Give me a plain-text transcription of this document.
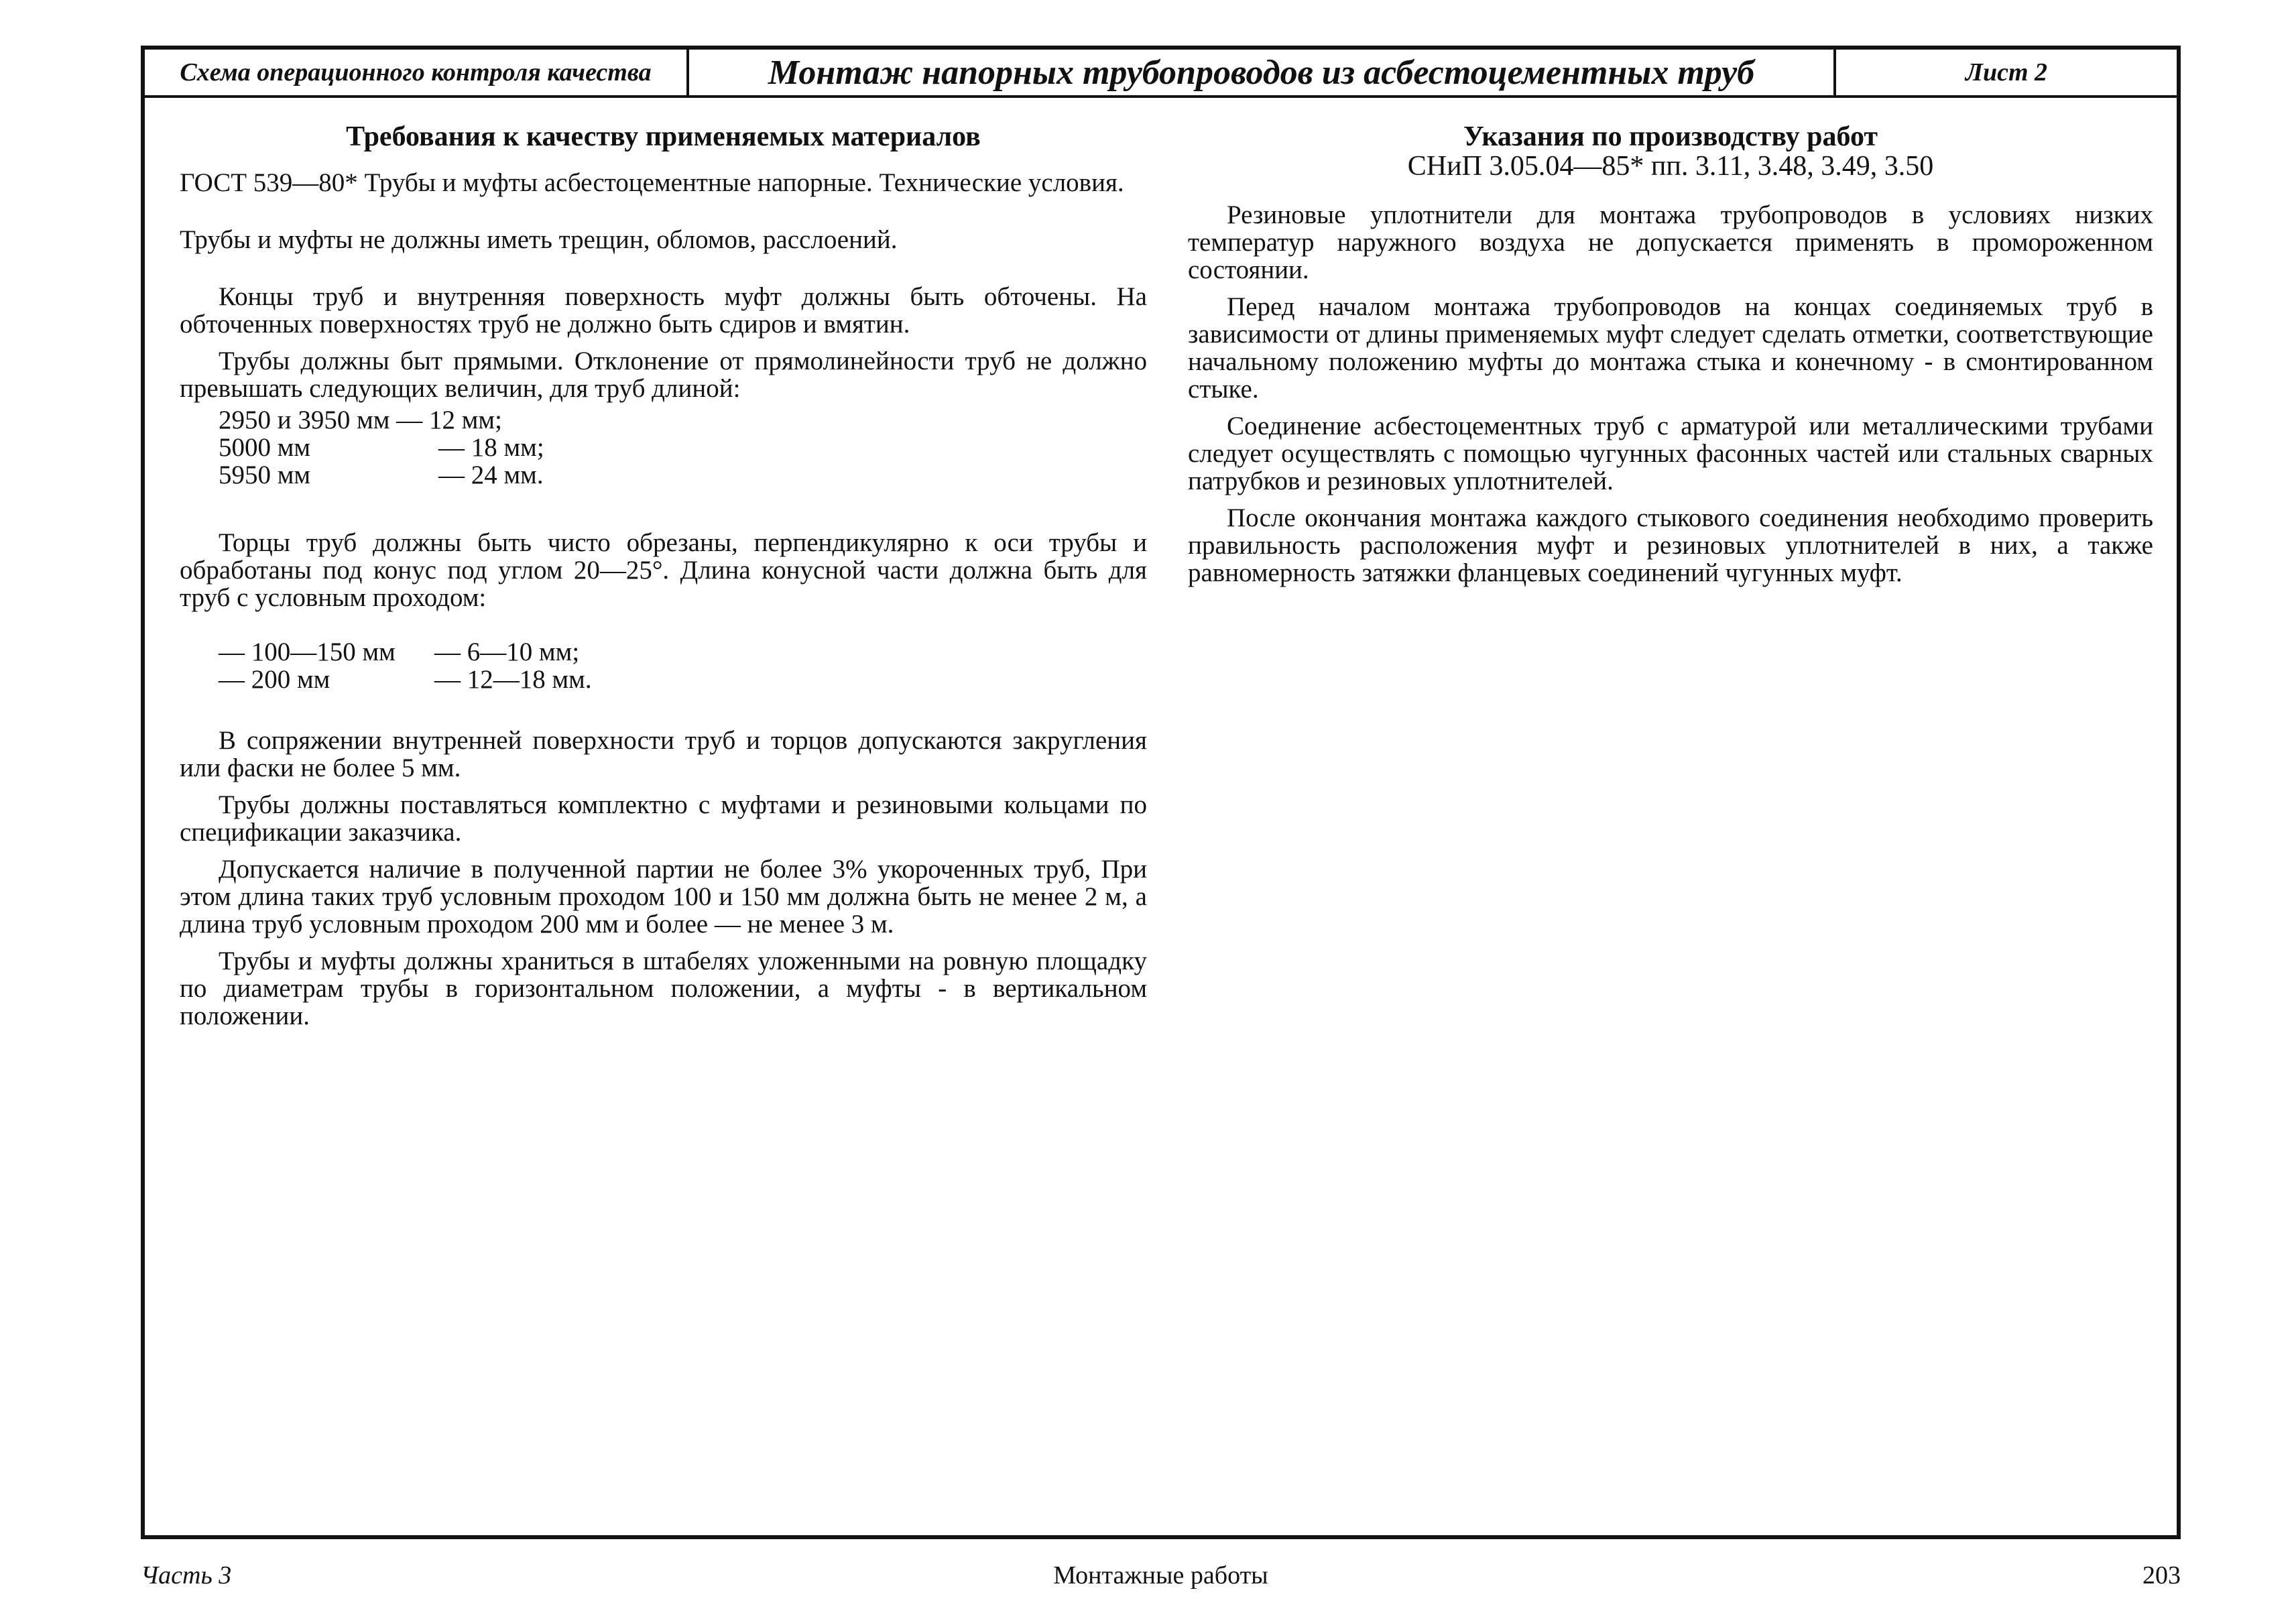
Схема операционного контроля качества	Монтаж напорных трубопроводов из асбестоцементных труб	Лист 2
Требования к качеству применяемых материалов

ГОСТ 539—80* Трубы и муфты асбестоцементные напорные. Технические условия.

Трубы и муфты не должны иметь трещин, обломов, расслоений.

Концы труб и внутренняя поверхность муфт должны быть обточены. На обточенных поверхностях труб не должно быть сдиров и вмятин.

Трубы должны быт прямыми. Отклонение от прямолинейности труб не должно превышать следующих величин, для труб длиной:

2950 и 3950 мм — 12 мм;
5000 мм	— 18 мм;
5950 мм	— 24 мм.

Торцы труб должны быть чисто обрезаны, перпендикулярно к оси трубы и обработаны под конус под углом 20—25°. Длина конусной части должна быть для труб с условным проходом:

— 100—150 мм	— 6—10 мм;
— 200 мм	— 12—18 мм.

В сопряжении внутренней поверхности труб и торцов допускаются закругления или фаски не более 5 мм.

Трубы должны поставляться комплектно с муфтами и резиновыми кольцами по спецификации заказчика.

Допускается наличие в полученной партии не более 3% укороченных труб, При этом длина таких труб условным проходом 100 и 150 мм должна быть не менее 2 м, а длина труб условным проходом 200 мм и более — не менее 3 м.

Трубы и муфты должны храниться в штабелях уложенными на ровную площадку по диаметрам трубы в горизонтальном положении, а муфты - в вертикальном положении.

Указания по производству работ
СНиП 3.05.04—85* пп. 3.11, 3.48, 3.49, 3.50

Резиновые уплотнители для монтажа трубопроводов в условиях низких температур наружного воздуха не допускается применять в промороженном состоянии.

Перед началом монтажа трубопроводов на концах соединяемых труб в зависимости от длины применяемых муфт следует сделать отметки, соответствующие начальному положению муфты до монтажа стыка и конечному - в смонтированном стыке.

Соединение асбестоцементных труб с арматурой или металлическими трубами следует осуществлять с помощью чугунных фасонных частей или стальных сварных патрубков и резиновых уплотнителей.

После окончания монтажа каждого стыкового соединения необходимо проверить правильность расположения муфт и резиновых уплотнителей в них, а также равномерность затяжки фланцевых соединений чугунных муфт.

Часть 3	Монтажные работы	203
